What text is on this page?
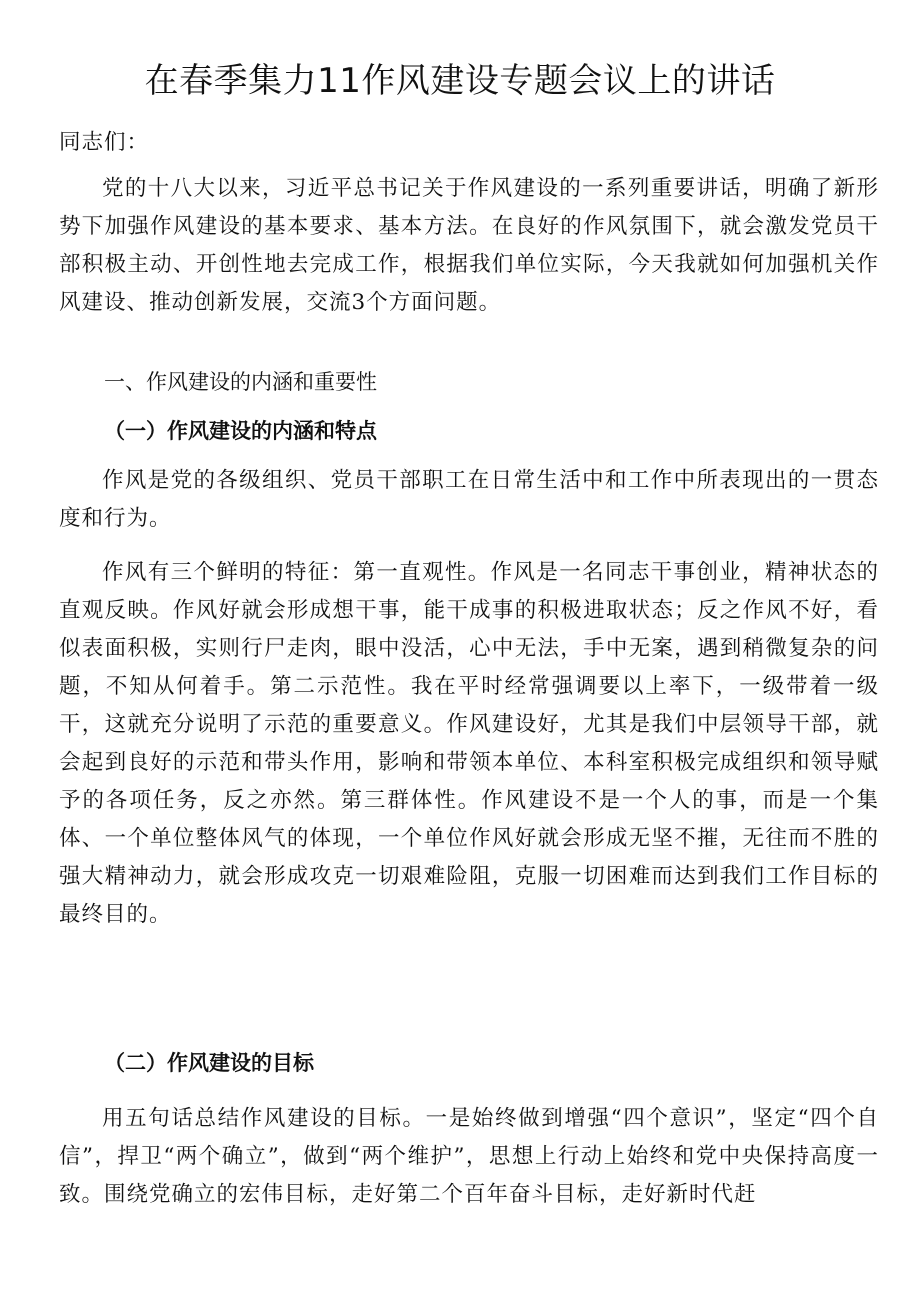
在春季集力11作风建设专题会议上的讲话

同志们：

党的十八大以来，习近平总书记关于作风建设的一系列重要讲话，明确了新形势下加强作风建设的基本要求、基本方法。在良好的作风氛围下，就会激发党员干部积极主动、开创性地去完成工作，根据我们单位实际，今天我就如何加强机关作风建设、推动创新发展，交流3个方面问题。

一、作风建设的内涵和重要性
（一）作风建设的内涵和特点

作风是党的各级组织、党员干部职工在日常生活中和工作中所表现出的一贯态度和行为。

作风有三个鲜明的特征：第一直观性。作风是一名同志干事创业，精神状态的直观反映。作风好就会形成想干事，能干成事的积极进取状态；反之作风不好，看似表面积极，实则行尸走肉，眼中没活，心中无法，手中无案，遇到稍微复杂的问题，不知从何着手。第二示范性。我在平时经常强调要以上率下，一级带着一级干，这就充分说明了示范的重要意义。作风建设好，尤其是我们中层领导干部，就会起到良好的示范和带头作用，影响和带领本单位、本科室积极完成组织和领导赋予的各项任务，反之亦然。第三群体性。作风建设不是一个人的事，而是一个集体、一个单位整体风气的体现，一个单位作风好就会形成无坚不摧，无往而不胜的强大精神动力，就会形成攻克一切艰难险阻，克服一切困难而达到我们工作目标的最终目的。

（二）作风建设的目标

用五句话总结作风建设的目标。一是始终做到增强“四个意识”，坚定“四个自信”，捍卫“两个确立”，做到“两个维护”，思想上行动上始终和党中央保持高度一致。围绕党确立的宏伟目标，走好第二个百年奋斗目标，走好新时代赶
